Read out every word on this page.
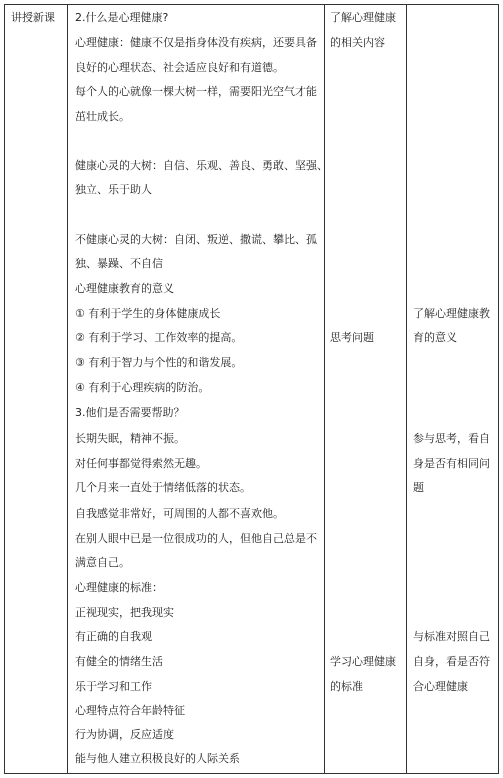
讲授新课 2.什么是心理健康?
心理健康：健康不仅是指身体没有疾病，还要具备
良好的心理状态、社会适应良好和有道德。
每个人的心就像一棵大树一样，需要阳光空气才能
茁壮成长。
健康心灵的大树：自信、乐观、善良、勇敢、坚强、
独立、乐于助人
不健康心灵的大树：自闭、叛逆、撒谎、攀比、孤
独、暴躁、不自信
心理健康教育的意义
① 有利于学生的身体健康成长
② 有利于学习、工作效率的提高。
③ 有利于智力与个性的和谐发展。
④ 有利于心理疾病的防治。
3.他们是否需要帮助？
长期失眠，精神不振。
对任何事都觉得索然无趣。
几个月来一直处于情绪低落的状态。
自我感觉非常好，可周围的人都不喜欢他。
在别人眼中已是一位很成功的人，但他自己总是不
满意自己。
心理健康的标准：
正视现实，把我现实
有正确的自我观
有健全的情绪生活
乐于学习和工作
心理特点符合年龄特征
行为协调，反应适度
能与他人建立积极良好的人际关系
了解心理健康
的相关内容
思考问题
学习心理健康
的标准
了解心理健康教
育的意义
参与思考，看自
身是否有相同问
题
与标准对照自己
自身，看是否符
合心理健康
